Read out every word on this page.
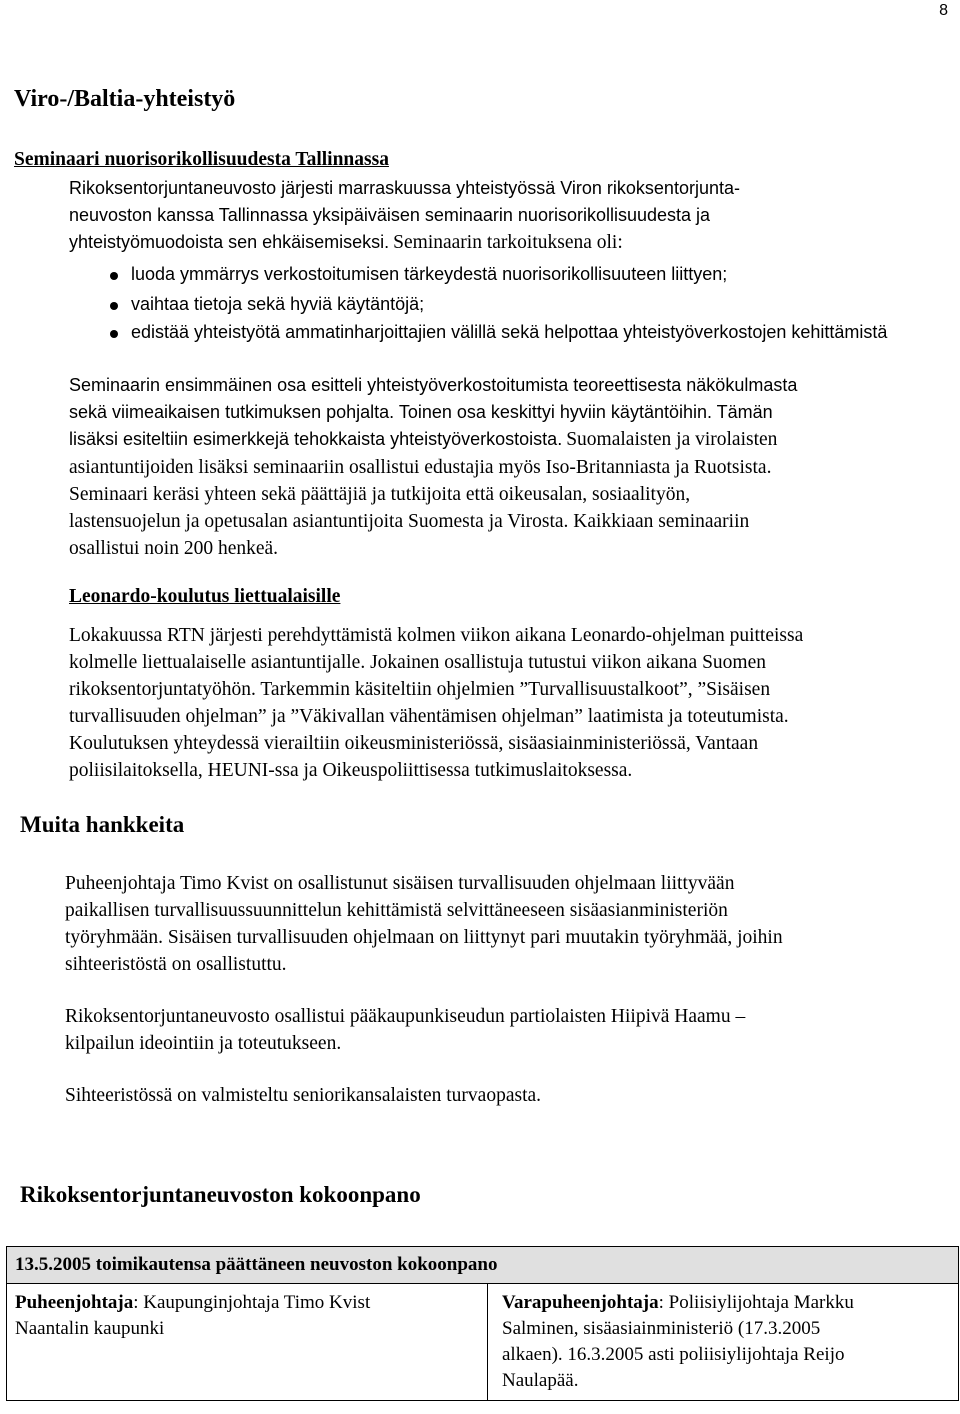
8
Viro-/Baltia-yhteistyö
Seminaari nuorisorikollisuudesta Tallinnassa
Rikoksentorjuntaneuvosto järjesti marraskuussa yhteistyössä Viron rikoksentorjunta-
neuvoston kanssa Tallinnassa yksipäiväisen seminaarin nuorisorikollisuudesta ja
yhteistyömuodoista sen ehkäisemiseksi. Seminaarin tarkoituksena oli:
luoda ymmärrys verkostoitumisen tärkeydestä nuorisorikollisuuteen liittyen;
vaihtaa tietoja sekä hyviä käytäntöjä;
edistää yhteistyötä ammatinharjoittajien välillä sekä helpottaa yhteistyöverkostojen kehittämistä
Seminaarin ensimmäinen osa esitteli yhteistyöverkostoitumista teoreettisesta näkökulmasta
sekä viimeaikaisen tutkimuksen pohjalta. Toinen osa keskittyi hyviin käytäntöihin. Tämän
lisäksi esiteltiin esimerkkejä tehokkaista yhteistyöverkostoista. Suomalaisten ja virolaisten
asiantuntijoiden lisäksi seminaariin osallistui edustajia myös Iso-Britanniasta ja Ruotsista.
Seminaari keräsi yhteen sekä päättäjiä ja tutkijoita että oikeusalan, sosiaalityön,
lastensuojelun ja opetusalan asiantuntijoita Suomesta ja Virosta. Kaikkiaan seminaariin
osallistui noin 200 henkeä.
Leonardo-koulutus liettualaisille
Lokakuussa RTN järjesti perehdyttämistä kolmen viikon aikana Leonardo-ohjelman puitteissa
kolmelle liettualaiselle asiantuntijalle. Jokainen osallistuja tutustui viikon aikana Suomen
rikoksentorjuntatyöhön. Tarkemmin käsiteltiin ohjelmien ”Turvallisuustalkoot”, ”Sisäisen
turvallisuuden ohjelman” ja ”Väkivallan vähentämisen ohjelman” laatimista ja toteutumista.
Koulutuksen yhteydessä vierailtiin oikeusministeriössä, sisäasiainministeriössä, Vantaan
poliisilaitoksella, HEUNI-ssa ja Oikeuspoliittisessa tutkimuslaitoksessa.
Muita hankkeita
Puheenjohtaja Timo Kvist on osallistunut sisäisen turvallisuuden ohjelmaan liittyvään
paikallisen turvallisuussuunnittelun kehittämistä selvittäneeseen sisäasianministeriön
työryhmään. Sisäisen turvallisuuden ohjelmaan on liittynyt pari muutakin työryhmää, joihin
sihteeristöstä on osallistuttu.
Rikoksentorjuntaneuvosto osallistui pääkaupunkiseudun partiolaisten Hiipivä Haamu –
kilpailun ideointiin ja toteutukseen.
Sihteeristössä on valmisteltu seniorikansalaisten turvaopasta.
Rikoksentorjuntaneuvoston kokoonpano
13.5.2005 toimikautensa päättäneen neuvoston kokoonpano

Puheenjohtaja: Kaupunginjohtaja Timo Kvist
Naantalin kaupunki

Varapuheenjohtaja: Poliisiylijohtaja Markku
Salminen, sisäasiainministeriö (17.3.2005
alkaen). 16.3.2005 asti poliisiylijohtaja Reijo
Naulapää.
